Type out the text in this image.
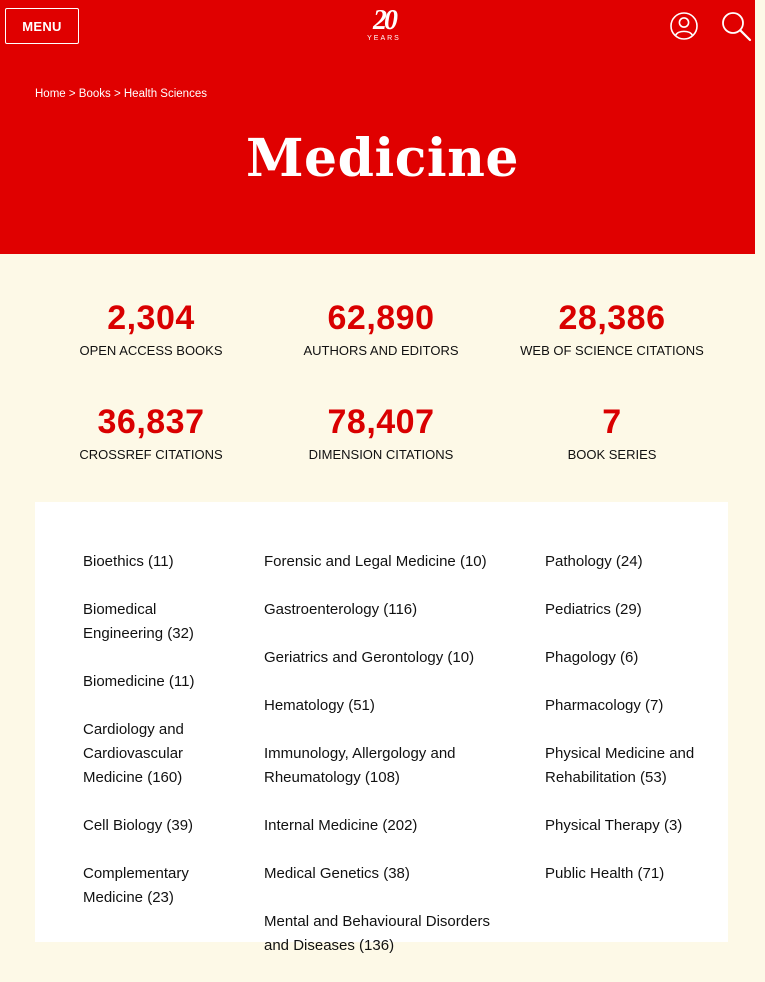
MENU	20
YEARS
Home > Books > Health Sciences
Medicine
2,304
OPEN ACCESS BOOKS
62,890
AUTHORS AND EDITORS
28,386
WEB OF SCIENCE CITATIONS
36,837
CROSSREF CITATIONS
78,407
DIMENSION CITATIONS
7
BOOK SERIES
Bioethics (11)
Biomedical Engineering (32)
Biomedicine (11)
Cardiology and Cardiovascular Medicine (160)
Cell Biology (39)
Complementary Medicine (23)
Forensic and Legal Medicine (10)
Gastroenterology (116)
Geriatrics and Gerontology (10)
Hematology (51)
Immunology, Allergology and Rheumatology (108)
Internal Medicine (202)
Medical Genetics (38)
Mental and Behavioural Disorders and Diseases (136)
Pathology (24)
Pediatrics (29)
Phagology (6)
Pharmacology (7)
Physical Medicine and Rehabilitation (53)
Physical Therapy (3)
Public Health (71)
